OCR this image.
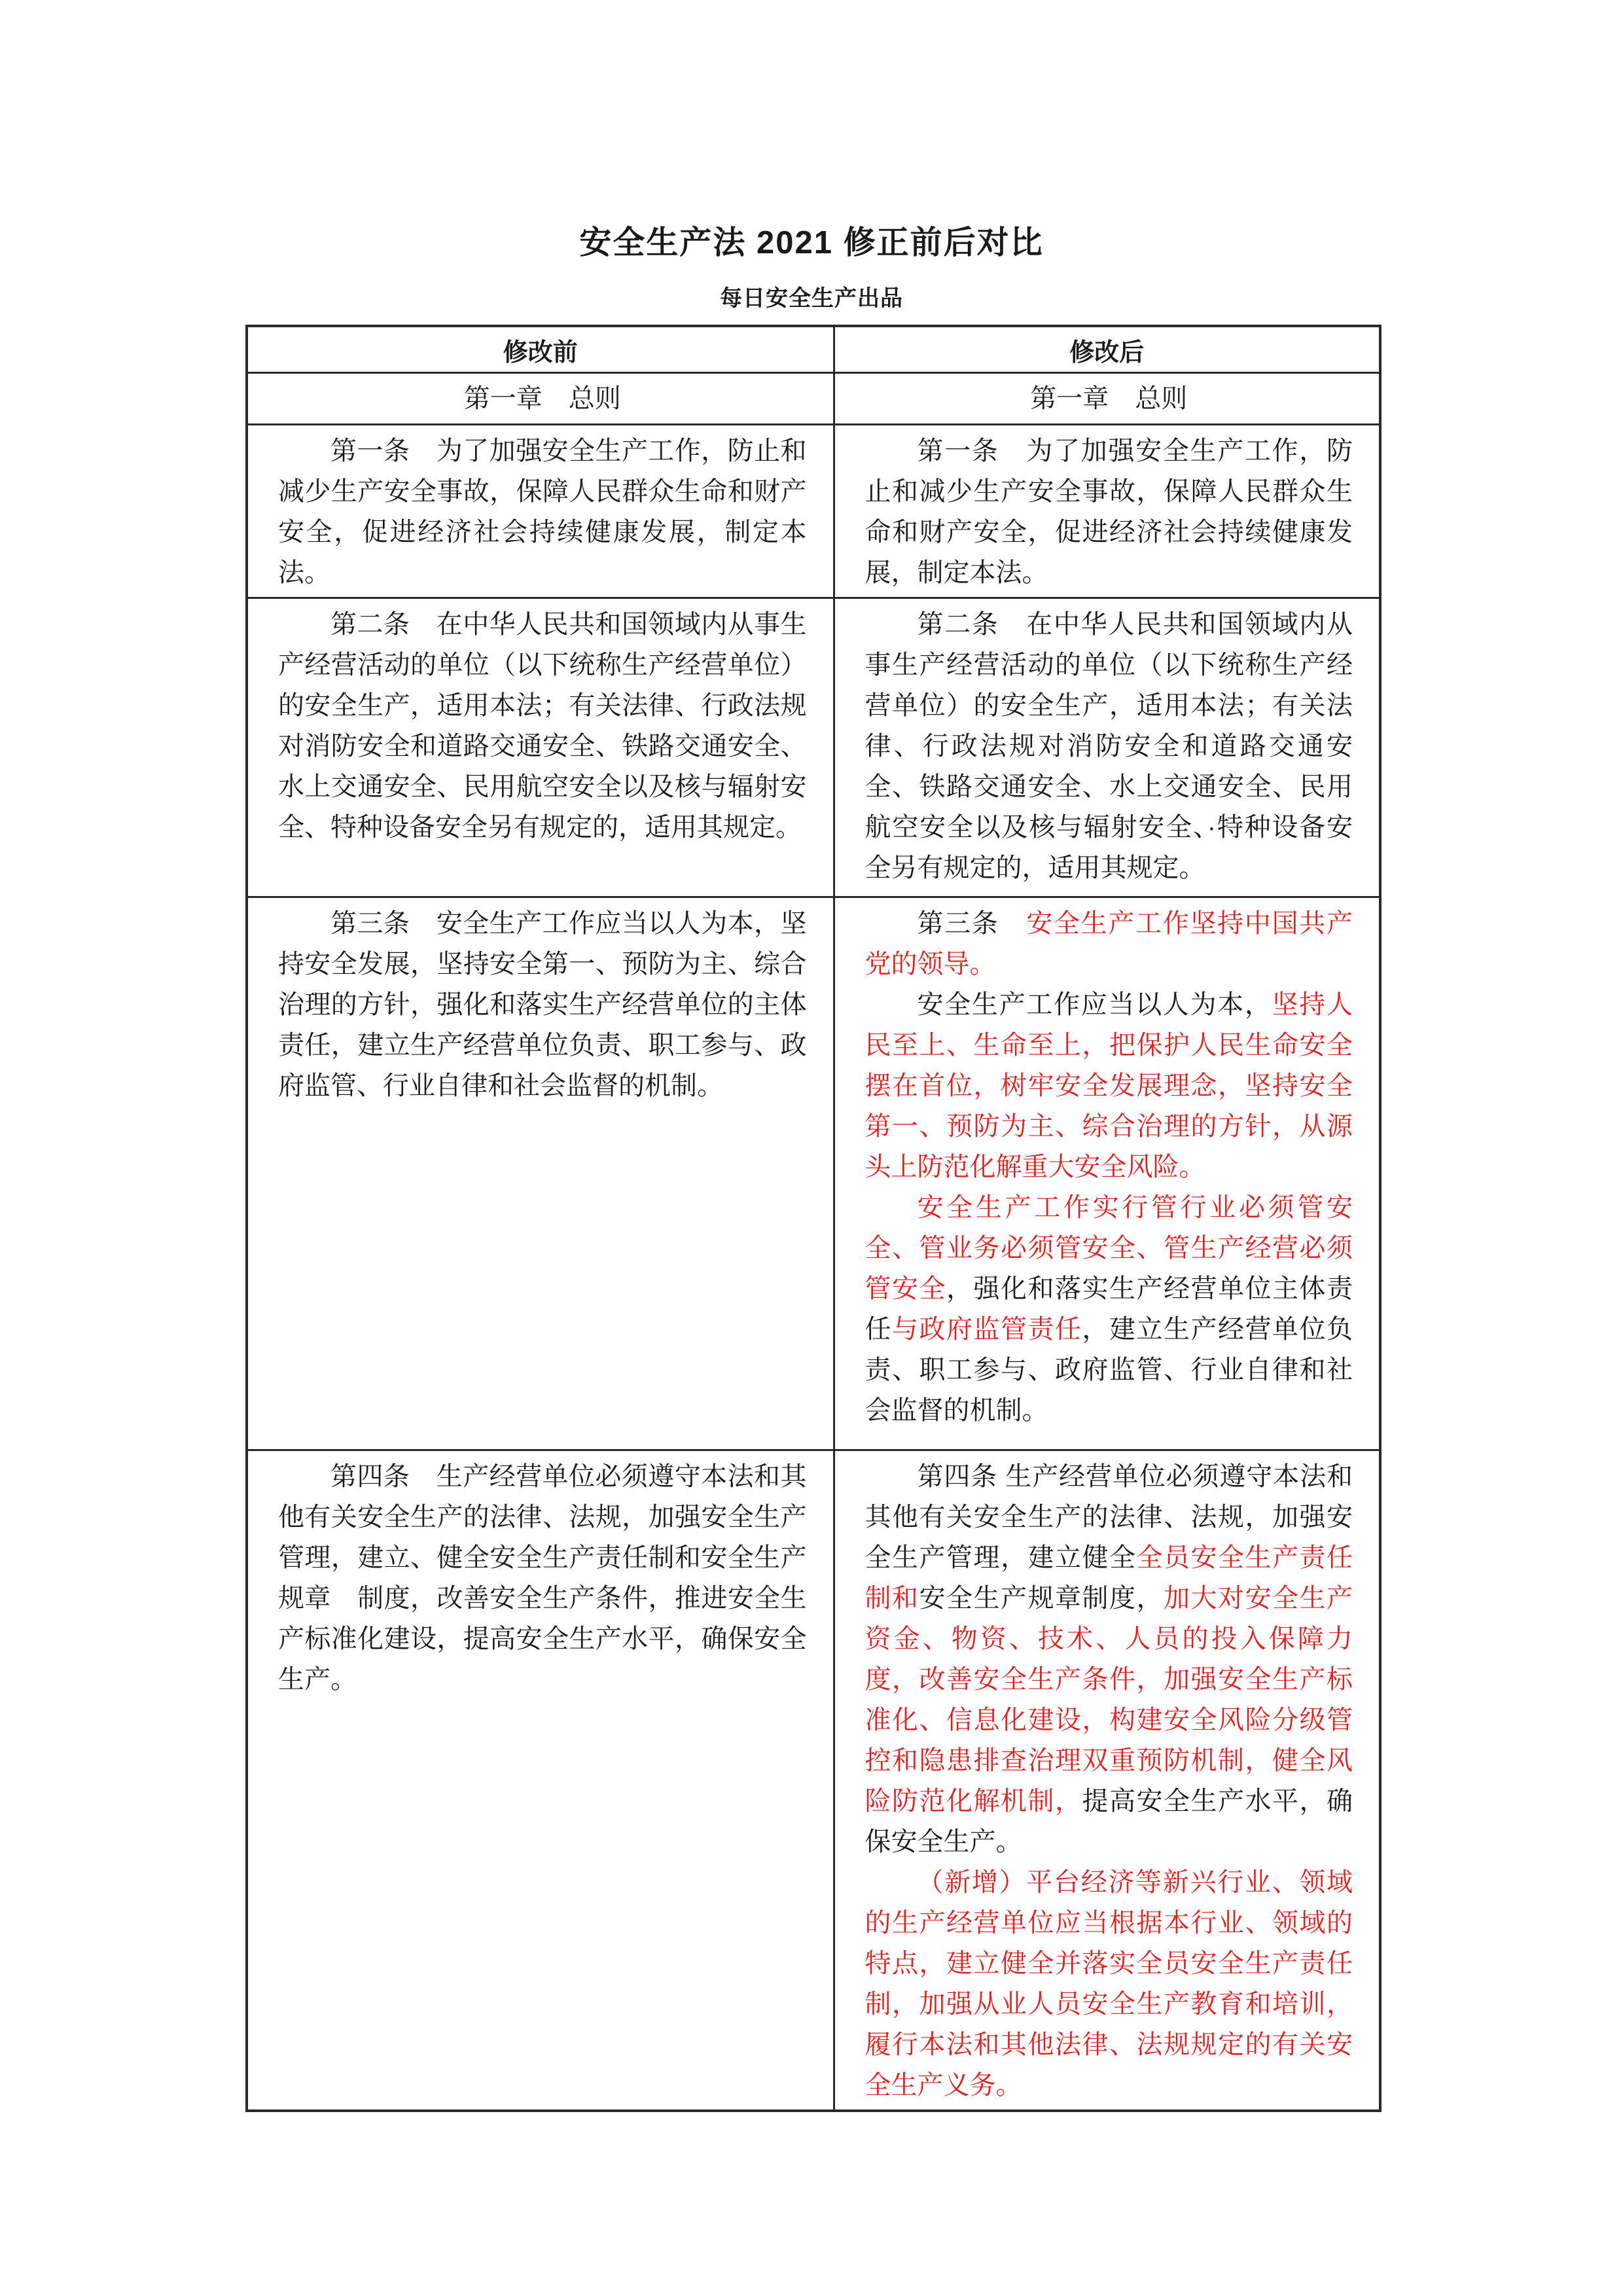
安全生产法 2021 修正前后对比
每日安全生产出品
修改前	修改后

第一章　总则	第一章　总则

第一条　为了加强安全生产工作，防止和减少生产安全事故，保障人民群众生命和财产安全，促进经济社会持续健康发展，制定本法。	第一条　为了加强安全生产工作，防止和减少生产安全事故，保障人民群众生命和财产安全，促进经济社会持续健康发展，制定本法。

第二条　在中华人民共和国领域内从事生产经营活动的单位（以下统称生产经营单位）的安全生产，适用本法；有关法律、行政法规对消防安全和道路交通安全、铁路交通安全、水上交通安全、民用航空安全以及核与辐射安全、特种设备安全另有规定的，适用其规定。	第二条　在中华人民共和国领域内从事生产经营活动的单位（以下统称生产经营单位）的安全生产，适用本法；有关法律、行政法规对消防安全和道路交通安全、铁路交通安全、水上交通安全、民用航空安全以及核与辐射安全、·特种设备安全另有规定的，适用其规定。

第三条　安全生产工作应当以人为本，坚持安全发展，坚持安全第一、预防为主、综合治理的方针，强化和落实生产经营单位的主体责任，建立生产经营单位负责、职工参与、政府监管、行业自律和社会监督的机制。	第三条　安全生产工作坚持中国共产党的领导。

安全生产工作应当以人为本，坚持人民至上、生命至上，把保护人民生命安全摆在首位，树牢安全发展理念，坚持安全第一、预防为主、综合治理的方针，从源头上防范化解重大安全风险。

安全生产工作实行管行业必须管安全、管业务必须管安全、管生产经营必须管安全，强化和落实生产经营单位主体责任与政府监管责任，建立生产经营单位负责、职工参与、政府监管、行业自律和社会监督的机制。

第四条　生产经营单位必须遵守本法和其他有关安全生产的法律、法规，加强安全生产管理，建立、健全安全生产责任制和安全生产规章　制度，改善安全生产条件，推进安全生产标准化建设，提高安全生产水平，确保安全生产。	第四条 生产经营单位必须遵守本法和其他有关安全生产的法律、法规，加强安全生产管理，建立健全全员安全生产责任制和安全生产规章制度，加大对安全生产资金、物资、技术、人员的投入保障力度，改善安全生产条件，加强安全生产标准化、信息化建设，构建安全风险分级管控和隐患排查治理双重预防机制，健全风险防范化解机制，提高安全生产水平，确保安全生产。

（新增）平台经济等新兴行业、领域的生产经营单位应当根据本行业、领域的特点，建立健全并落实全员安全生产责任制，加强从业人员安全生产教育和培训，履行本法和其他法律、法规规定的有关安全生产义务。
